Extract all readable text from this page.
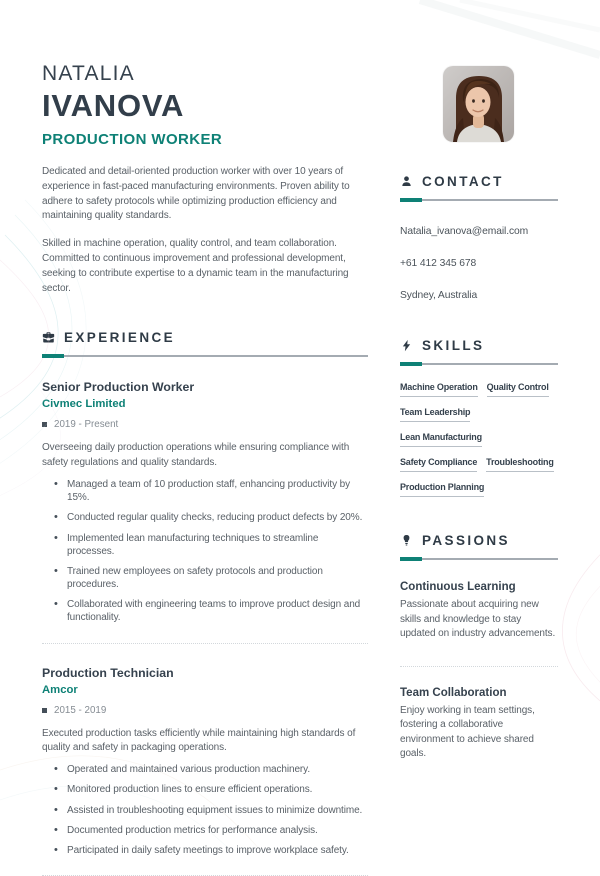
NATALIA
IVANOVA
PRODUCTION WORKER

Dedicated and detail-oriented production worker with over 10 years of experience in fast-paced manufacturing environments. Proven ability to adhere to safety protocols while optimizing production efficiency and maintaining quality standards.

Skilled in machine operation, quality control, and team collaboration. Committed to continuous improvement and professional development, seeking to contribute expertise to a dynamic team in the manufacturing sector.

EXPERIENCE
Senior Production Worker
Civmec Limited
2019 - Present

Overseeing daily production operations while ensuring compliance with safety regulations and quality standards.

• Managed a team of 10 production staff, enhancing productivity by 15%.
• Conducted regular quality checks, reducing product defects by 20%.
• Implemented lean manufacturing techniques to streamline processes.
• Trained new employees on safety protocols and production procedures.
• Collaborated with engineering teams to improve product design and functionality.
Production Technician
Amcor
2015 - 2019

Executed production tasks efficiently while maintaining high standards of quality and safety in packaging operations.

• Operated and maintained various production machinery.
• Monitored production lines to ensure efficient operations.
• Assisted in troubleshooting equipment issues to minimize downtime.
• Documented production metrics for performance analysis.
• Participated in daily safety meetings to improve workplace safety.
CONTACT
Natalia_ivanova@email.com
+61 412 345 678
Sydney, Australia
SKILLS
Machine Operation Quality Control
Team Leadership
Lean Manufacturing
Safety Compliance Troubleshooting
Production Planning
PASSIONS
Continuous Learning

Passionate about acquiring new skills and knowledge to stay updated on industry advancements.

Team Collaboration

Enjoy working in team settings, fostering a collaborative environment to achieve shared goals.
